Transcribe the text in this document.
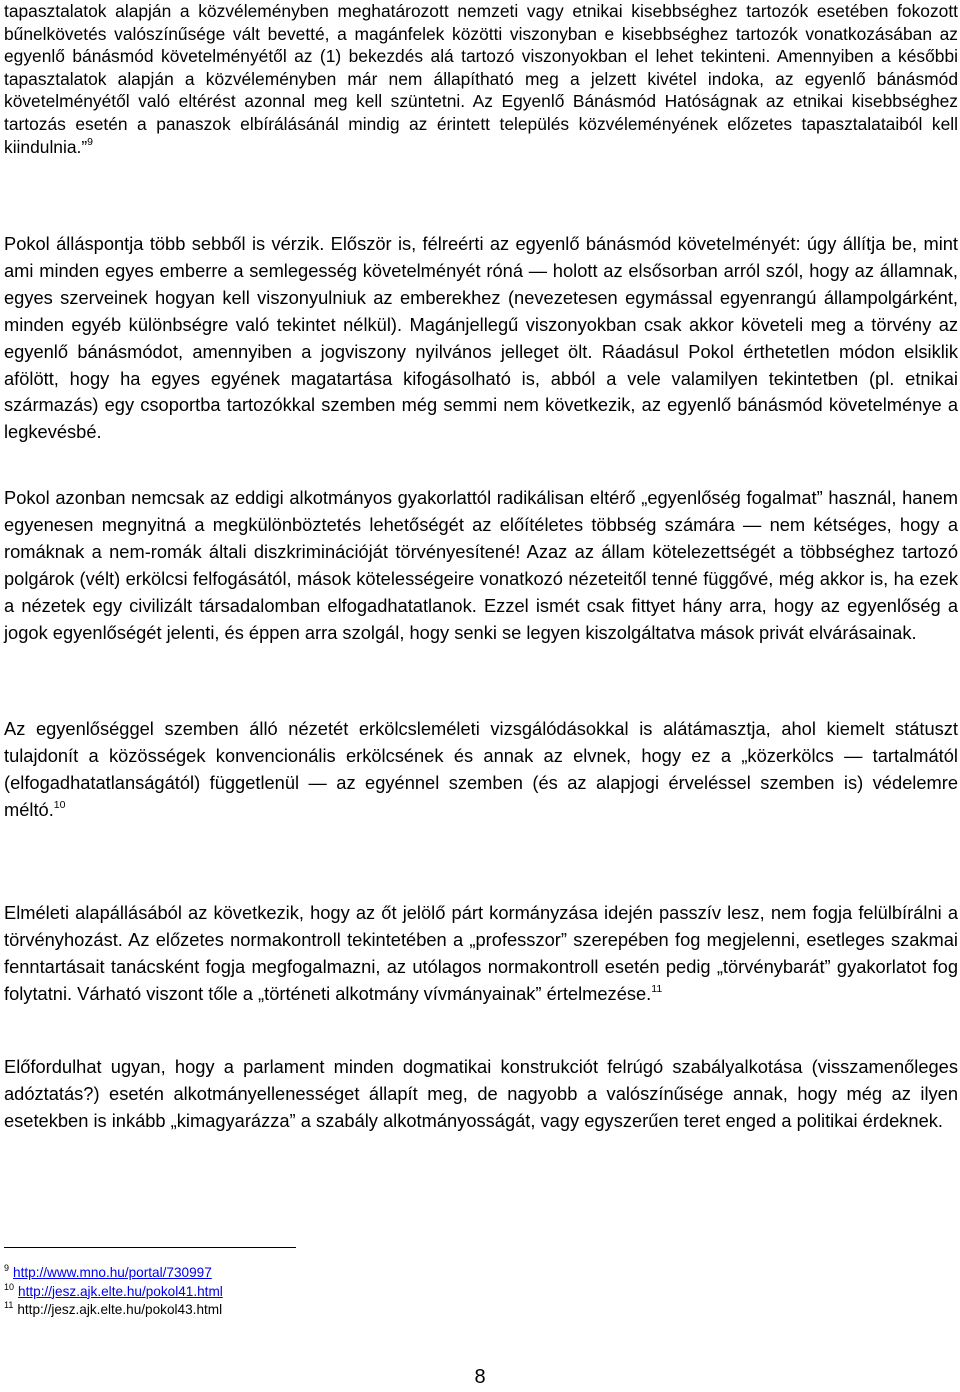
tapasztalatok alapján a közvéleményben meghatározott nemzeti vagy etnikai kisebbséghez tartozók esetében fokozott bűnelkövetés valószínűsége vált bevetté, a magánfelek közötti viszonyban e kisebbséghez tartozók vonatkozásában az egyenlő bánásmód követelményétől az (1) bekezdés alá tartozó viszonyokban el lehet tekinteni. Amennyiben a későbbi tapasztalatok alapján a közvéleményben már nem állapítható meg a jelzett kivétel indoka, az egyenlő bánásmód követelményétől való eltérést azonnal meg kell szüntetni. Az Egyenlő Bánásmód Hatóságnak az etnikai kisebbséghez tartozás esetén a panaszok elbírálásánál mindig az érintett település közvéleményének előzetes tapasztalataiból kell kiindulnia.”$^9$

Pokol álláspontja több sebből is vérzik. Először is, félreérti az egyenlő bánásmód követelményét: úgy állítja be, mint ami minden egyes emberre a semlegesség követelményét róná — holott az elsősorban arról szól, hogy az államnak, egyes szerveinek hogyan kell viszonyulniuk az emberekhez (nevezetesen egymással egyenrangú állampolgárként, minden egyéb különbségre való tekintet nélkül). Magánjellegű viszonyokban csak akkor követeli meg a törvény az egyenlő bánásmódot, amennyiben a jogviszony nyilvános jelleget ölt. Ráadásul Pokol érthetetlen módon elsiklik afölött, hogy ha egyes egyének magatartása kifogásolható is, abból a vele valamilyen tekintetben (pl. etnikai származás) egy csoportba tartozókkal szemben még semmi nem következik, az egyenlő bánásmód követelménye a legkevésbé.

Pokol azonban nemcsak az eddigi alkotmányos gyakorlattól radikálisan eltérő „egyenlőség fogalmat” használ, hanem egyenesen megnyitná a megkülönböztetés lehetőségét az előítéletes többség számára — nem kétséges, hogy a romáknak a nem-romák általi diszkriminációját törvényesítené! Azaz az állam kötelezettségét a többséghez tartozó polgárok (vélt) erkölcsi felfogásától, mások kötelességeire vonatkozó nézeteitől tenné függővé, még akkor is, ha ezek a nézetek egy civilizált társadalomban elfogadhatatlanok. Ezzel ismét csak fittyet hány arra, hogy az egyenlőség a jogok egyenlőségét jelenti, és éppen arra szolgál, hogy senki se legyen kiszolgáltatva mások privát elvárásainak.

Az egyenlőséggel szemben álló nézetét erkölcsleméleti vizsgálódásokkal is alátámasztja, ahol kiemelt státuszt tulajdonít a közösségek konvencionális erkölcsének és annak az elvnek, hogy ez a „közerkölcs — tartalmától (elfogadhatatlanságától) függetlenül — az egyénnel szemben (és az alapjogi érveléssel szemben is) védelemre méltó.$^{10}$

Elméleti alapállásából az következik, hogy az őt jelölő párt kormányzása idején passzív lesz, nem fogja felülbírálni a törvényhozást. Az előzetes normakontroll tekintetében a „professzor” szerepében fog megjelenni, esetleges szakmai fenntartásait tanácsként fogja megfogalmazni, az utólagos normakontroll esetén pedig „törvénybarát” gyakorlatot fog folytatni. Várható viszont tőle a „történeti alkotmány vívmányainak” értelmezése.$^{11}$

Előfordulhat ugyan, hogy a parlament minden dogmatikai konstrukciót felrúgó szabályalkotása (visszamenőleges adóztatás?) esetén alkotmányellenességet állapít meg, de nagyobb a valószínűsége annak, hogy még az ilyen esetekben is inkább „kimagyarázza” a szabály alkotmányosságát, vagy egyszerűen teret enged a politikai érdeknek.

$^9$ http://www.mno.hu/portal/730997
$^{10}$ http://jesz.ajk.elte.hu/pokol41.html
$^{11}$ http://jesz.ajk.elte.hu/pokol43.html
8
